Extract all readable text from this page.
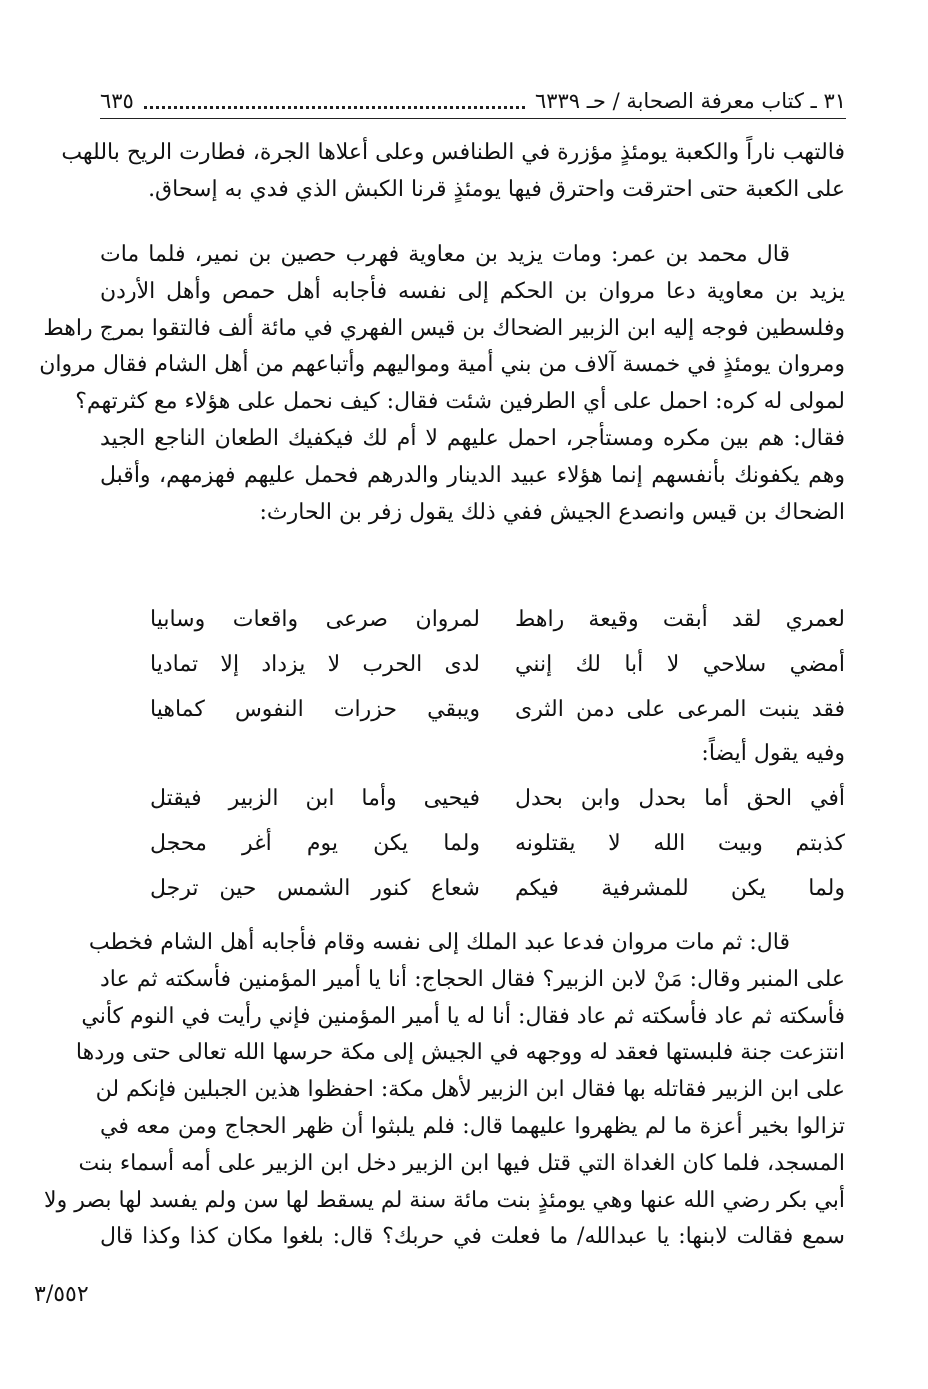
٣١ ـ كتاب معرفة الصحابة / حـ ٦٣٣٩
٦٣٥
فالتهب ناراً والكعبة يومئذٍ مؤزرة في الطنافس وعلى أعلاها الجرة، فطارت الريح باللهب
على الكعبة حتى احترقت واحترق فيها يومئذٍ قرنا الكبش الذي فدي به إسحاق.
قال محمد بن عمر: ومات يزيد بن معاوية فهرب حصين بن نمير، فلما مات
يزيد بن معاوية دعا مروان بن الحكم إلى نفسه فأجابه أهل حمص وأهل الأردن
وفلسطين فوجه إليه ابن الزبير الضحاك بن قيس الفهري في مائة ألف فالتقوا بمرج راهط
ومروان يومئذٍ في خمسة آلاف من بني أمية ومواليهم وأتباعهم من أهل الشام فقال مروان
لمولى له كره: احمل على أي الطرفين شئت فقال: كيف نحمل على هؤلاء مع كثرتهم؟
فقال: هم بين مكره ومستأجر، احمل عليهم لا أم لك فيكفيك الطعان الناجع الجيد
وهم يكفونك بأنفسهم إنما هؤلاء عبيد الدينار والدرهم فحمل عليهم فهزمهم، وأقبل
الضحاك بن قيس وانصدع الجيش ففي ذلك يقول زفر بن الحارث:
لعمري لقد أبقت وقيعة راهط
لمروان صرعى واقعات وسابيا
أمضي سلاحي لا أبا لك إنني
لدى الحرب لا يزداد إلا تماديا
فقد ينبت المرعى على دمن الثرى
ويبقي حزرات النفوس كماهيا
وفيه يقول أيضاً:
أفي الحق أما بحدل وابن بحدل
فيحيى وأما ابن الزبير فيقتل
كذبتم وبيت الله لا يقتلونه
ولما يكن يوم أغر محجل
ولما يكن للمشرفية فيكم
شعاع كنور الشمس حين ترجل
قال: ثم مات مروان فدعا عبد الملك إلى نفسه وقام فأجابه أهل الشام فخطب
على المنبر وقال: مَنْ لابن الزبير؟ فقال الحجاج: أنا يا أمير المؤمنين فأسكته ثم عاد
فأسكته ثم عاد فأسكته ثم عاد فقال: أنا له يا أمير المؤمنين فإني رأيت في النوم كأني
انتزعت جنة فلبستها فعقد له ووجهه في الجيش إلى مكة حرسها الله تعالى حتى وردها
على ابن الزبير فقاتله بها فقال ابن الزبير لأهل مكة: احفظوا هذين الجبلين فإنكم لن
تزالوا بخير أعزة ما لم يظهروا عليهما قال: فلم يلبثوا أن ظهر الحجاج ومن معه في
المسجد، فلما كان الغداة التي قتل فيها ابن الزبير دخل ابن الزبير على أمه أسماء بنت
أبي بكر رضي الله عنها وهي يومئذٍ بنت مائة سنة لم يسقط لها سن ولم يفسد لها بصر ولا
سمع فقالت لابنها: يا عبدالله/ ما فعلت في حربك؟ قال: بلغوا مكان كذا وكذا قال
٣/٥٥٢
